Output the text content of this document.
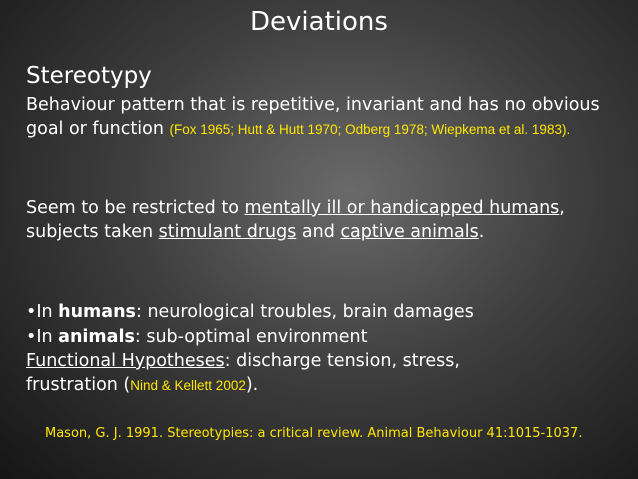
Deviations
Stereotypy
Behaviour pattern that is repetitive, invariant and has no obvious goal or function (Fox 1965; Hutt & Hutt 1970; Odberg 1978; Wiepkema et al. 1983).
Seem to be restricted to mentally ill or handicapped humans, subjects taken stimulant drugs and captive animals.
•In humans: neurological troubles, brain damages
•In animals: sub-optimal environment
Functional Hypotheses: discharge tension, stress, frustration (Nind & Kellett 2002).
Mason, G. J. 1991. Stereotypies: a critical review. Animal Behaviour 41:1015-1037.
